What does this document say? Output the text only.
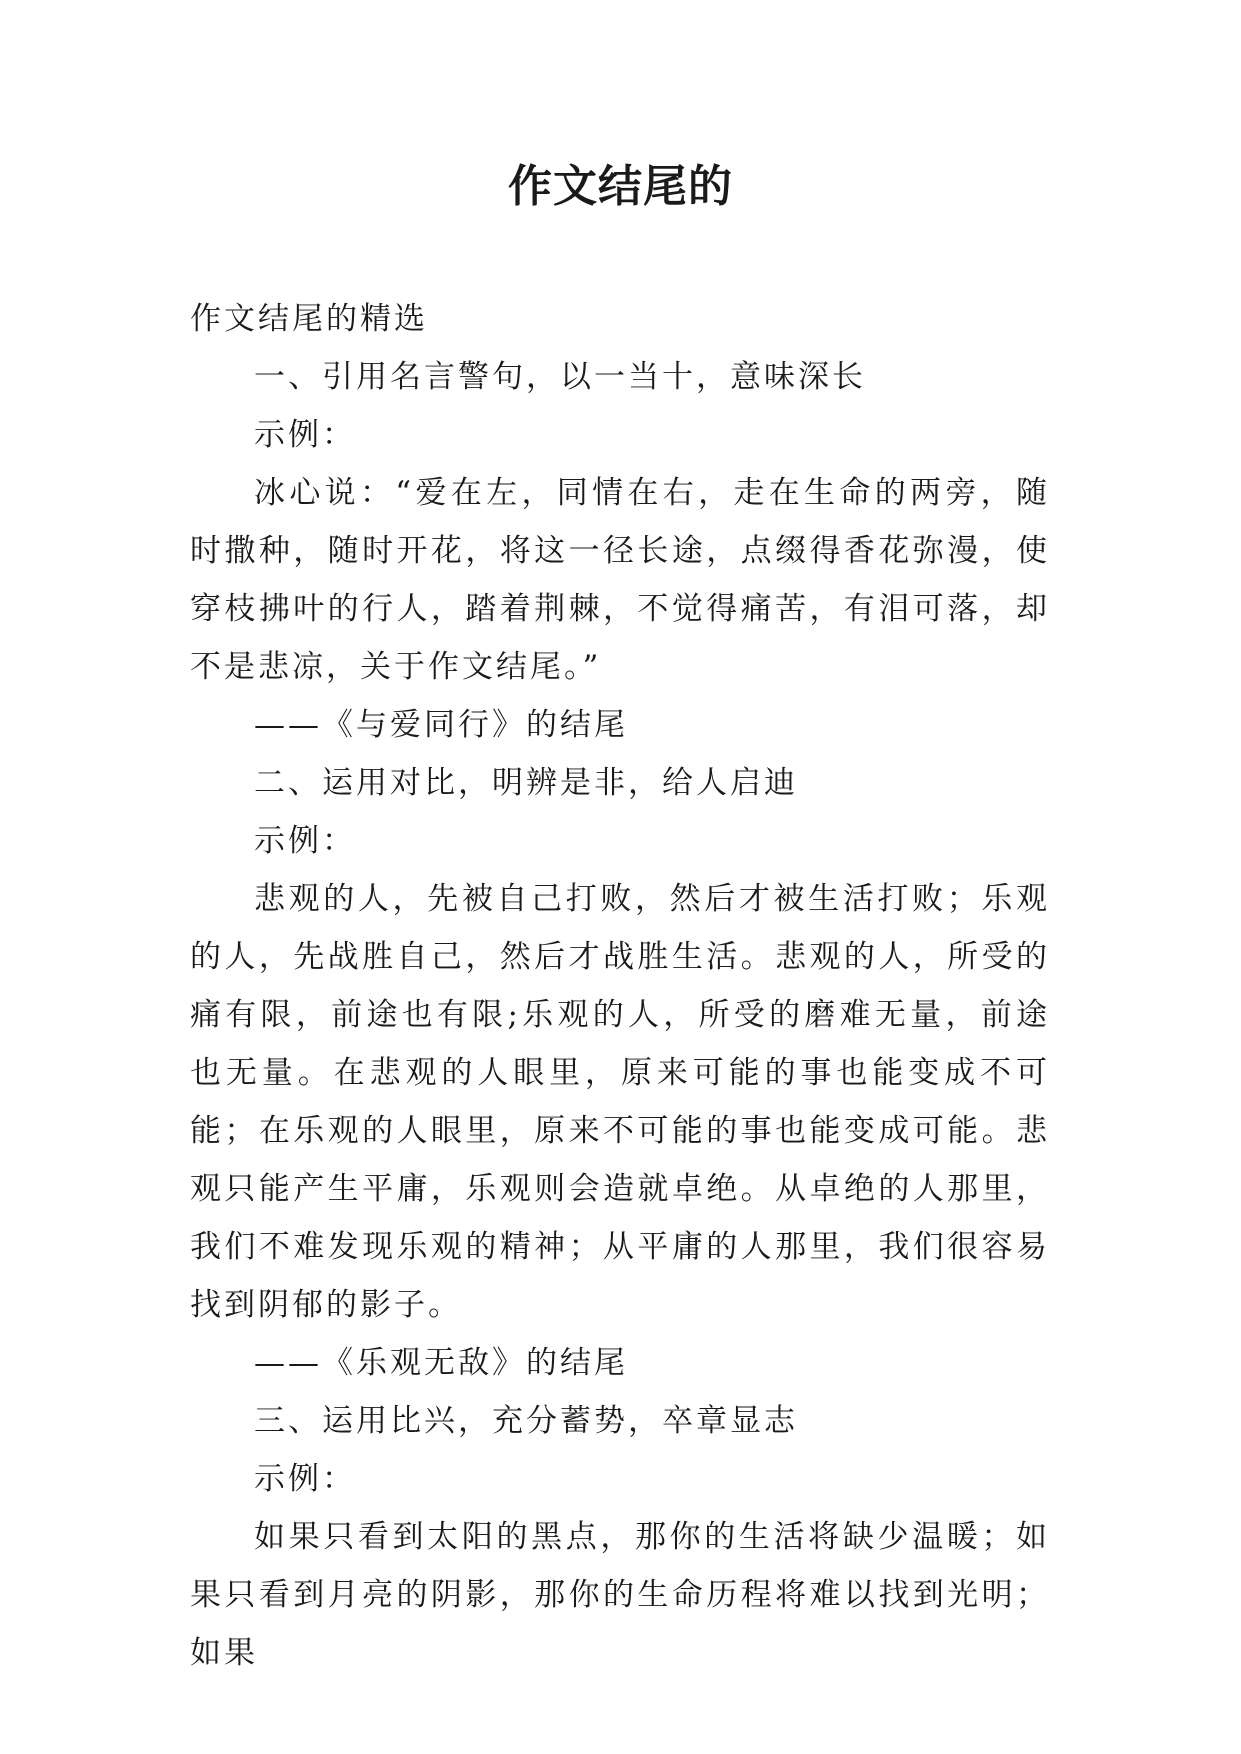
作文结尾的

作文结尾的精选

一、引用名言警句，以一当十，意味深长

示例：

冰心说：“爱在左，同情在右，走在生命的两旁，随时撒种，随时开花，将这一径长途，点缀得香花弥漫，使穿枝拂叶的行人，踏着荆棘，不觉得痛苦，有泪可落，却不是悲凉，关于作文结尾。”

——《与爱同行》的结尾

二、运用对比，明辨是非，给人启迪

示例：

悲观的人，先被自己打败，然后才被生活打败；乐观的人，先战胜自己，然后才战胜生活。悲观的人，所受的痛有限，前途也有限;乐观的人，所受的磨难无量，前途也无量。在悲观的人眼里，原来可能的事也能变成不可能；在乐观的人眼里，原来不可能的事也能变成可能。悲观只能产生平庸，乐观则会造就卓绝。从卓绝的人那里，我们不难发现乐观的精神；从平庸的人那里，我们很容易找到阴郁的影子。

——《乐观无敌》的结尾

三、运用比兴，充分蓄势，卒章显志

示例：

如果只看到太阳的黑点，那你的生活将缺少温暖；如果只看到月亮的阴影，那你的生命历程将难以找到光明；如果
